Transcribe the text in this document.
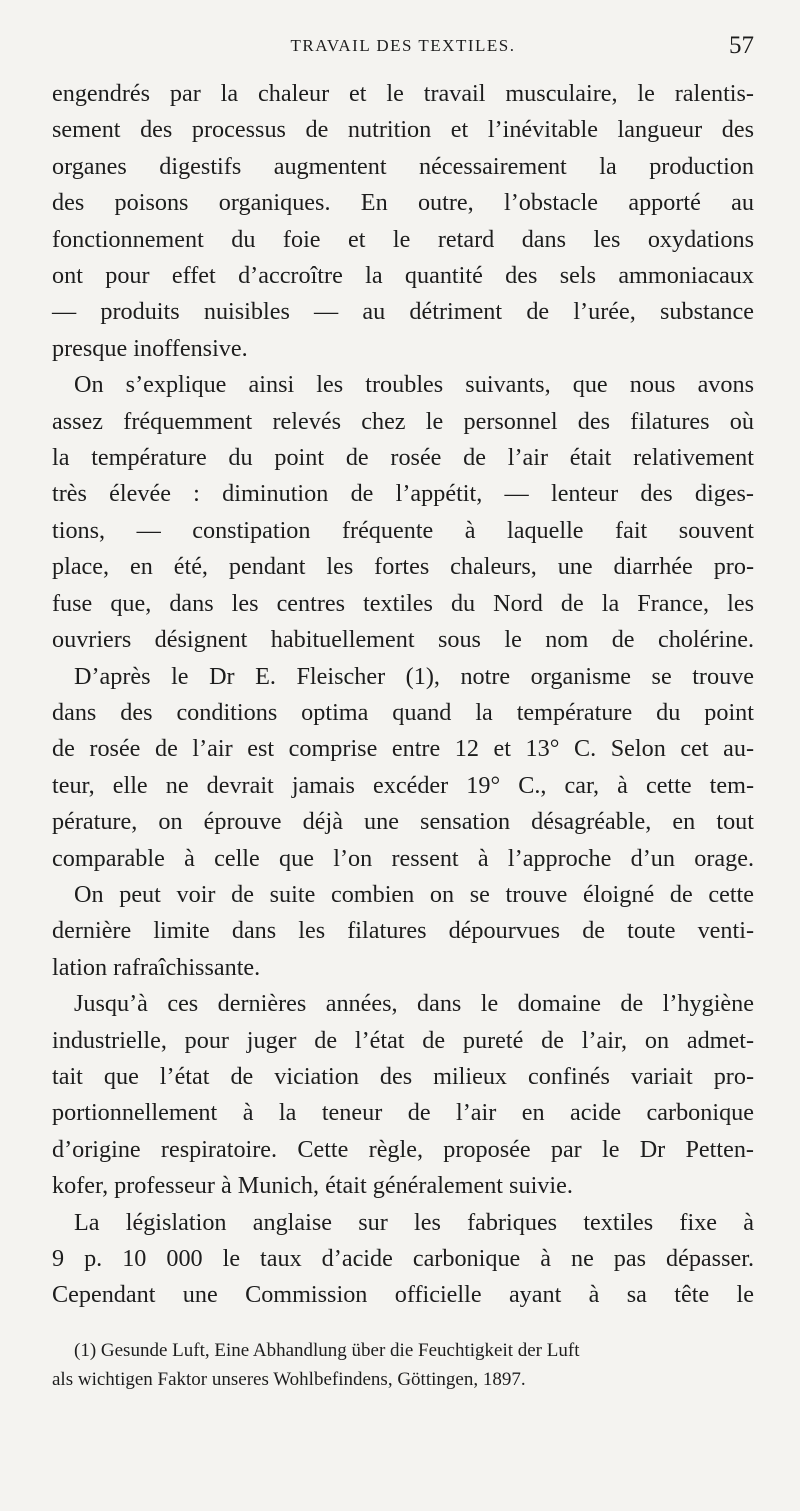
TRAVAIL DES TEXTILES.	57

engendrés par la chaleur et le travail musculaire, le ralentis-
sement des processus de nutrition et l’inévitable langueur des
organes digestifs augmentent nécessairement la production
des poisons organiques. En outre, l’obstacle apporté au
fonctionnement du foie et le retard dans les oxydations
ont pour effet d’accroître la quantité des sels ammoniacaux
— produits nuisibles — au détriment de l’urée, substance
presque inoffensive.

On s’explique ainsi les troubles suivants, que nous avons
assez fréquemment relevés chez le personnel des filatures où
la température du point de rosée de l’air était relativement
très élevée : diminution de l’appétit, — lenteur des diges-
tions, — constipation fréquente à laquelle fait souvent
place, en été, pendant les fortes chaleurs, une diarrhée pro-
fuse que, dans les centres textiles du Nord de la France, les
ouvriers désignent habituellement sous le nom de cholérine.

D’après le Dr E. Fleischer (1), notre organisme se trouve
dans des conditions optima quand la température du point
de rosée de l’air est comprise entre 12 et 13° C. Selon cet au-
teur, elle ne devrait jamais excéder 19° C., car, à cette tem-
pérature, on éprouve déjà une sensation désagréable, en tout
comparable à celle que l’on ressent à l’approche d’un orage.

On peut voir de suite combien on se trouve éloigné de cette
dernière limite dans les filatures dépourvues de toute venti-
lation rafraîchissante.

Jusqu’à ces dernières années, dans le domaine de l’hygiène
industrielle, pour juger de l’état de pureté de l’air, on admet-
tait que l’état de viciation des milieux confinés variait pro-
portionnellement à la teneur de l’air en acide carbonique
d’origine respiratoire. Cette règle, proposée par le Dr Petten-
kofer, professeur à Munich, était généralement suivie.

La législation anglaise sur les fabriques textiles fixe à
9 p. 10 000 le taux d’acide carbonique à ne pas dépasser.
Cependant une Commission officielle ayant à sa tête le

(1) Gesunde Luft, Eine Abhandlung über die Feuchtigkeit der Luft
als wichtigen Faktor unseres Wohlbefindens, Göttingen, 1897.
